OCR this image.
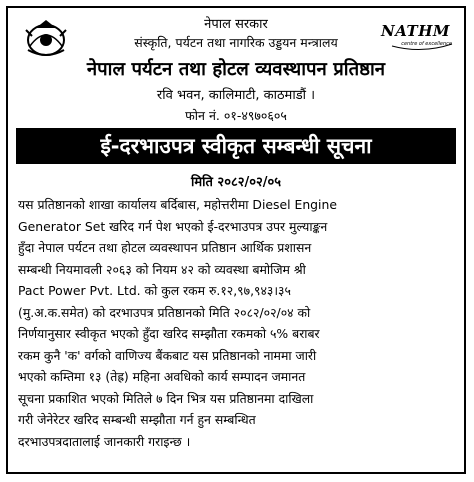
NATHM
centre of excellence
नेपाल सरकार
संस्कृति, पर्यटन तथा नागरिक उड्डयन मन्त्रालय
नेपाल पर्यटन तथा होटल व्यवस्थापन प्रतिष्ठान
रवि भवन, कालिमाटी, काठमाडौं ।
फोन नं. ०१-४९७०६०५
ई-दरभाउपत्र स्वीकृत सम्बन्धी सूचना
मिति २०८२/०२/०५
यस प्रतिष्ठानको शाखा कार्यालय बर्दिबास, महोत्तरीमा Diesel Engine
Generator Set खरिद गर्न पेश भएको ई-दरभाउपत्र उपर मुल्याङ्कन
हुँदा नेपाल पर्यटन तथा होटल व्यवस्थापन प्रतिष्ठान आर्थिक प्रशासन
सम्बन्धी नियमावली २०६३ को नियम ४२ को व्यवस्था बमोजिम श्री
Pact Power Pvt. Ltd. को कुल रकम रु.१२,९७,९४३।३५
(मु.अ.क.समेत) को दरभाउपत्र प्रतिष्ठानको मिति २०८२/०२/०४ को
निर्णयानुसार स्वीकृत भएको हुँदा खरिद सम्झौता रकमको ५% बराबर
रकम कुनै 'क' वर्गको वाणिज्य बैंकबाट यस प्रतिष्ठानको नाममा जारी
भएको कम्तिमा १३ (तेह्र) महिना अवधिको कार्य सम्पादन जमानत
सूचना प्रकाशित भएको मितिले ७ दिन भित्र यस प्रतिष्ठानमा दाखिला
गरी जेनेरेटर खरिद सम्बन्धी सम्झौता गर्न हुन सम्बन्धित
दरभाउपत्रदातालाई जानकारी गराइन्छ ।
